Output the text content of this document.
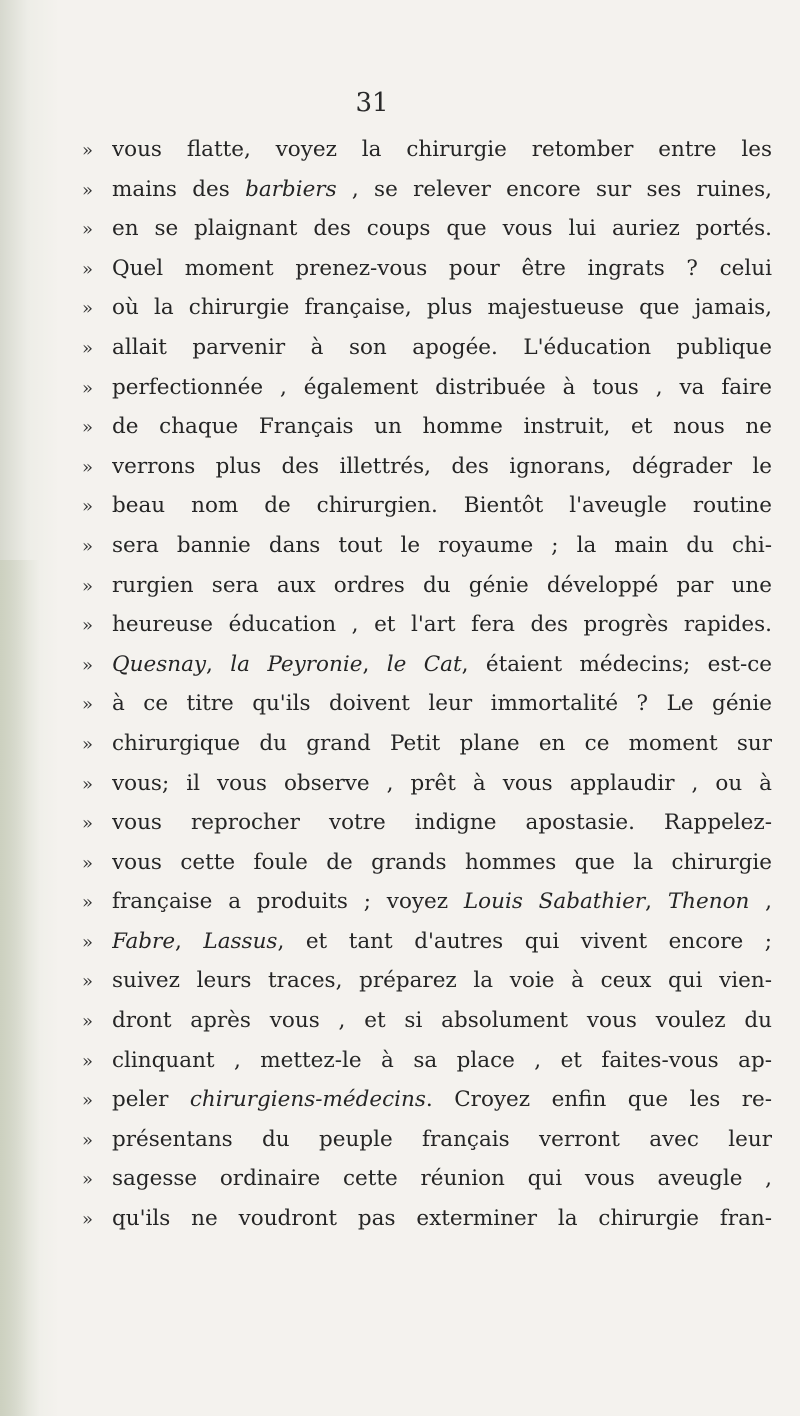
31

» vous flatte, voyez la chirurgie retomber entre les
» mains des barbiers , se relever encore sur ses ruines,
» en se plaignant des coups que vous lui auriez portés.
» Quel moment prenez-vous pour être ingrats ? celui
» où la chirurgie française, plus majestueuse que jamais,
» allait parvenir à son apogée. L'éducation publique
» perfectionnée , également distribuée à tous , va faire
» de chaque Français un homme instruit, et nous ne
» verrons plus des illettrés, des ignorans, dégrader le
» beau nom de chirurgien. Bientôt l'aveugle routine
» sera bannie dans tout le royaume ; la main du chi-
» rurgien sera aux ordres du génie développé par une
» heureuse éducation , et l'art fera des progrès rapides.
» Quesnay, la Peyronie, le Cat, étaient médecins; est-ce
» à ce titre qu'ils doivent leur immortalité ? Le génie
» chirurgique du grand Petit plane en ce moment sur
» vous; il vous observe , prêt à vous applaudir , ou à
» vous reprocher votre indigne apostasie. Rappelez-
» vous cette foule de grands hommes que la chirurgie
» française a produits ; voyez Louis Sabathier, Thenon ,
» Fabre, Lassus, et tant d'autres qui vivent encore ;
» suivez leurs traces, préparez la voie à ceux qui vien-
» dront après vous , et si absolument vous voulez du
» clinquant , mettez-le à sa place , et faites-vous ap-
» peler chirurgiens-médecins. Croyez enfin que les re-
» présentans du peuple français verront avec leur
» sagesse ordinaire cette réunion qui vous aveugle ,
» qu'ils ne voudront pas exterminer la chirurgie fran-
